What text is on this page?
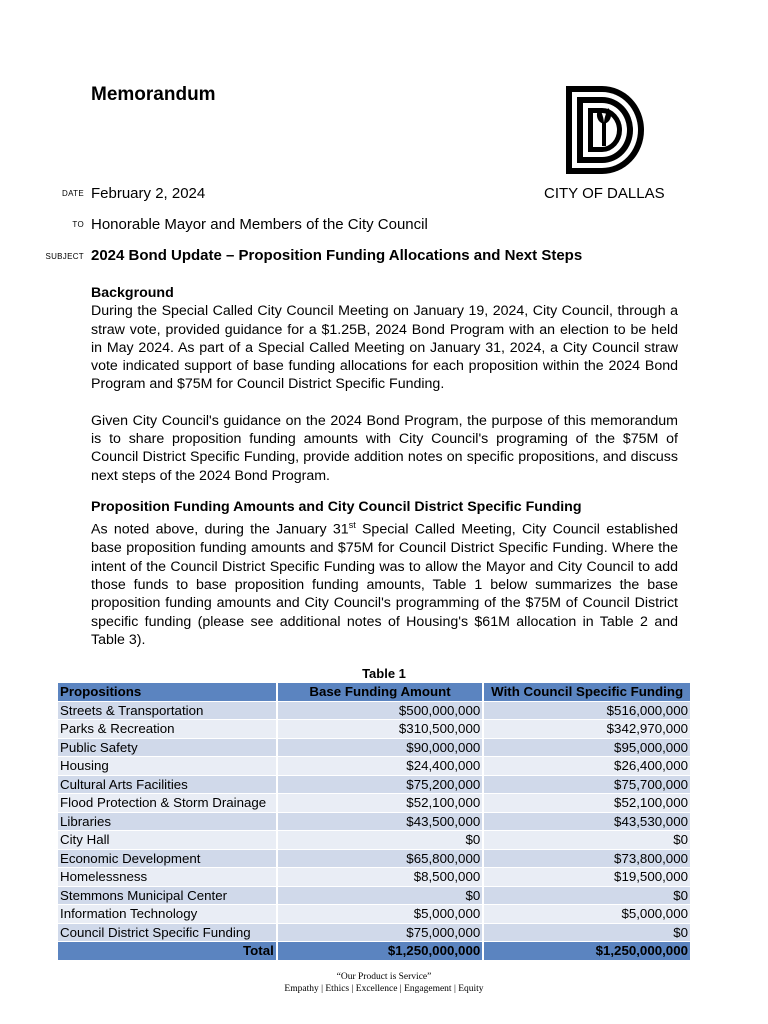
Memorandum
CITY OF DALLAS
DATE February 2, 2024
TO Honorable Mayor and Members of the City Council
SUBJECT 2024 Bond Update – Proposition Funding Allocations and Next Steps
Background

During the Special Called City Council Meeting on January 19, 2024, City Council, through a straw vote, provided guidance for a $1.25B, 2024 Bond Program with an election to be held in May 2024. As part of a Special Called Meeting on January 31, 2024, a City Council straw vote indicated support of base funding allocations for each proposition within the 2024 Bond Program and $75M for Council District Specific Funding.

Given City Council's guidance on the 2024 Bond Program, the purpose of this memorandum is to share proposition funding amounts with City Council's programing of the $75M of Council District Specific Funding, provide addition notes on specific propositions, and discuss next steps of the 2024 Bond Program.

Proposition Funding Amounts and City Council District Specific Funding

As noted above, during the January 31st Special Called Meeting, City Council established base proposition funding amounts and $75M for Council District Specific Funding. Where the intent of the Council District Specific Funding was to allow the Mayor and City Council to add those funds to base proposition funding amounts, Table 1 below summarizes the base proposition funding amounts and City Council's programming of the $75M of Council District specific funding (please see additional notes of Housing's $61M allocation in Table 2 and Table 3).

Table 1
Propositions	Base Funding Amount	With Council Specific Funding
Streets & Transportation	$500,000,000	$516,000,000
Parks & Recreation	$310,500,000	$342,970,000
Public Safety	$90,000,000	$95,000,000
Housing	$24,400,000	$26,400,000
Cultural Arts Facilities	$75,200,000	$75,700,000
Flood Protection & Storm Drainage	$52,100,000	$52,100,000
Libraries	$43,500,000	$43,530,000
City Hall	$0	$0
Economic Development	$65,800,000	$73,800,000
Homelessness	$8,500,000	$19,500,000
Stemmons Municipal Center	$0	$0
Information Technology	$5,000,000	$5,000,000
Council District Specific Funding	$75,000,000	$0
Total	$1,250,000,000	$1,250,000,000
“Our Product is Service”
Empathy | Ethics | Excellence | Engagement | Equity
